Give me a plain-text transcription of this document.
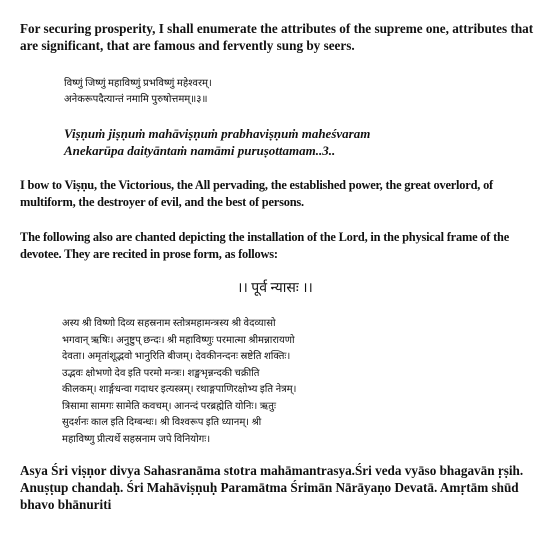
For securing prosperity, I shall enumerate the attributes of the supreme one, attributes that are significant, that are famous and fervently sung by seers.
विष्णुं जिष्णुं महाविष्णुं प्रभविष्णुं महेश्वरम्।
अनेकरूपदैत्यान्तं नमामि पुरुषोत्तमम्॥३॥
Viṣṇuṁ jiṣṇuṁ mahāviṣṇuṁ prabhaviṣṇuṁ maheśvaram
Anekarūpa daityāntaṁ namāmi puruṣottamam..3..
I bow to Viṣṇu, the Victorious, the All pervading, the established power, the great overlord, of multiform, the destroyer of evil, and the best of persons.
The following also are chanted depicting the installation of the Lord, in the physical frame of the devotee. They are recited in prose form, as follows:
।। पूर्व न्यासः ।।
अस्य श्री विष्णो दिव्य सहस्रनाम स्तोत्रमहामन्त्रस्य श्री वेदव्यासो
भगवान् ऋषिः। अनुष्टुप् छन्दः। श्री महाविष्णुः परमात्मा श्रीमन्नारायणो
देवता। अमृतांशूद्भवो भानुरिति बीजम्। देवकीनन्दनः स्रष्टेति शक्तिः।
उद्भवः क्षोभणो देव इति परमो मन्त्रः। शङ्खभृन्नन्दकी चक्रीति
कीलकम्। शार्ङ्गधन्वा गदाधर इत्यस्त्रम्। रथाङ्गपाणिरक्षोभ्य इति नेत्रम्।
त्रिसामा सामगः सामेति कवचम्। आनन्दं परब्रह्मेति योनिः। ऋतुः
सुदर्शनः काल इति दिग्बन्धः। श्री विश्वरूप इति ध्यानम्। श्री
महाविष्णु प्रीत्यर्थे सहस्रनाम जपे विनियोगः।
Asya Śri viṣṇor divya Sahasranāma stotra mahāmantrasya.Śri veda vyāso bhagavān ṛṣih. Anuṣṭup chandaḥ. Śri Mahāviṣṇuḥ Paramātma Śrimān Nārāyaṇo Devatā. Amṛtām shūd bhavo bhānuriti
